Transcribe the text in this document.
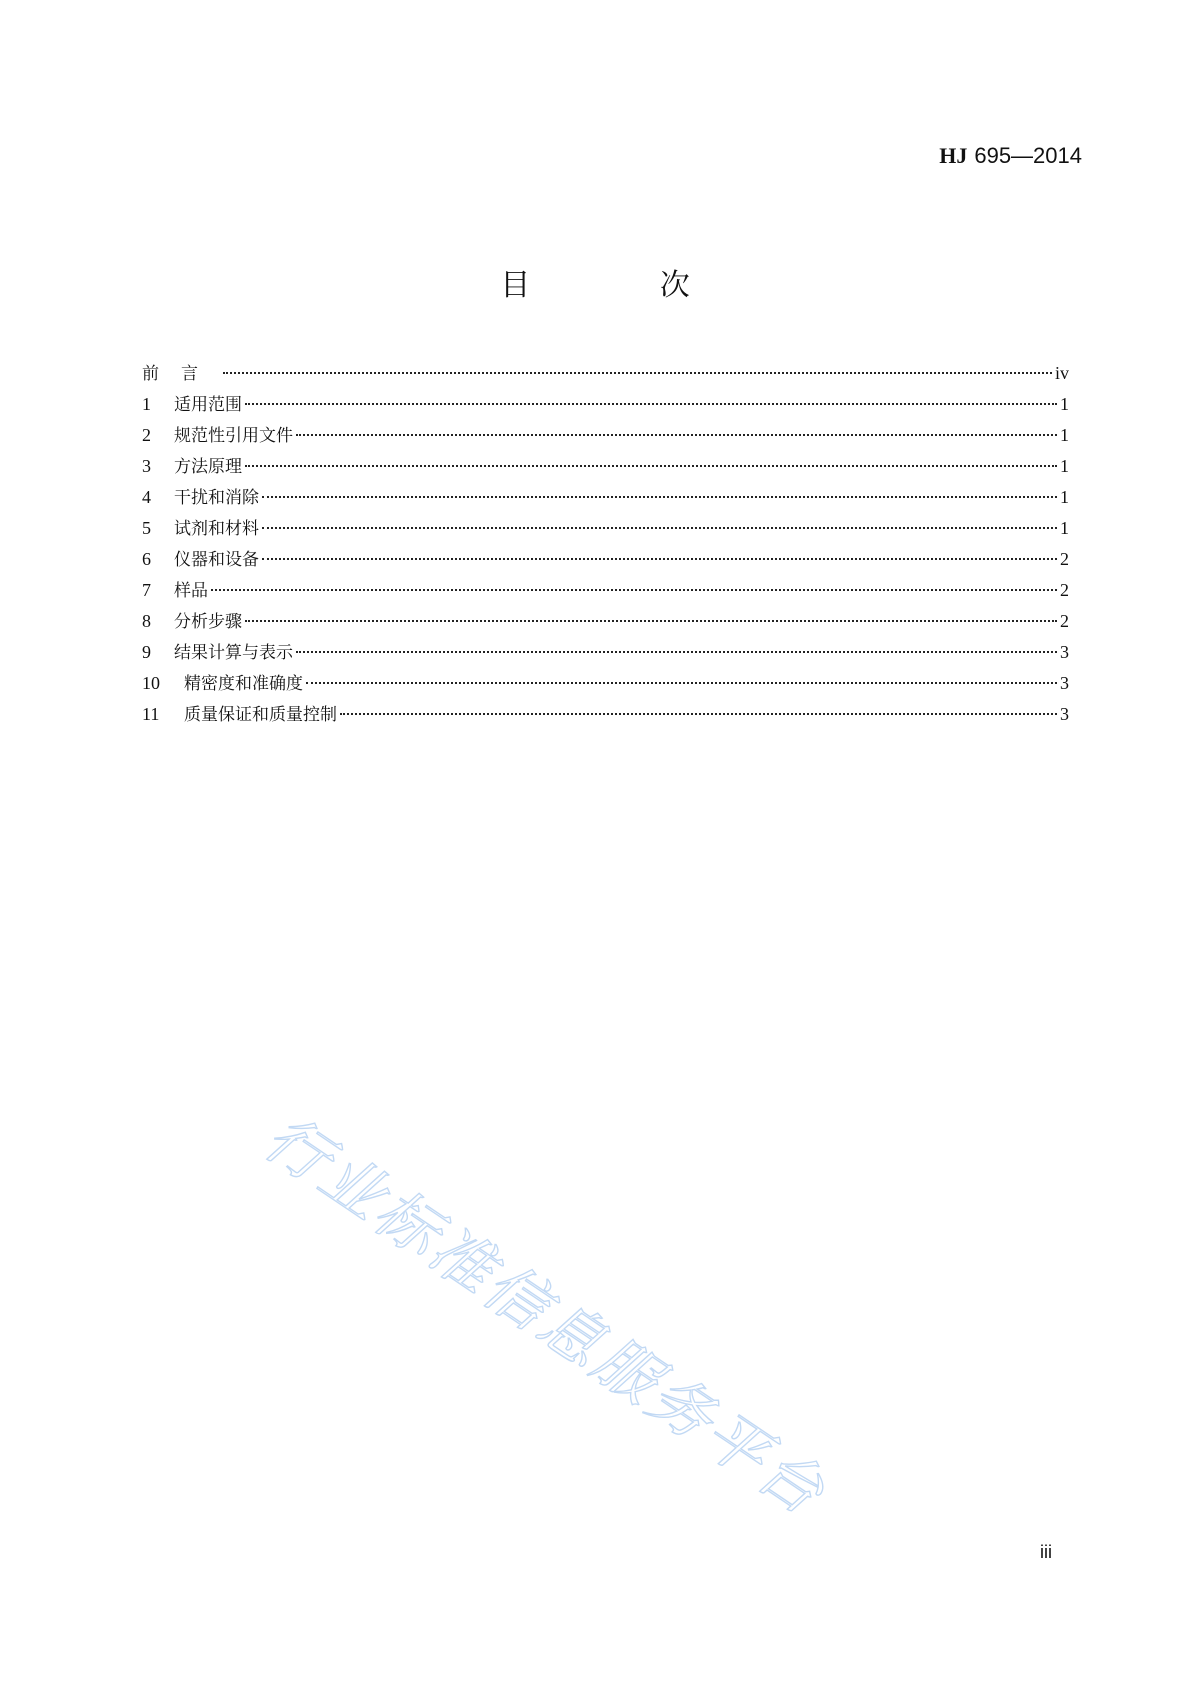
HJ 695—2014
目 次
前言	iv
1	适用范围	1
2	规范性引用文件	1
3	方法原理	1
4	干扰和消除	1
5	试剂和材料	1
6	仪器和设备	2
7	样品	2
8	分析步骤	2
9	结果计算与表示	3
10	精密度和准确度	3
11	质量保证和质量控制	3
行业标准信息服务平台
iii
